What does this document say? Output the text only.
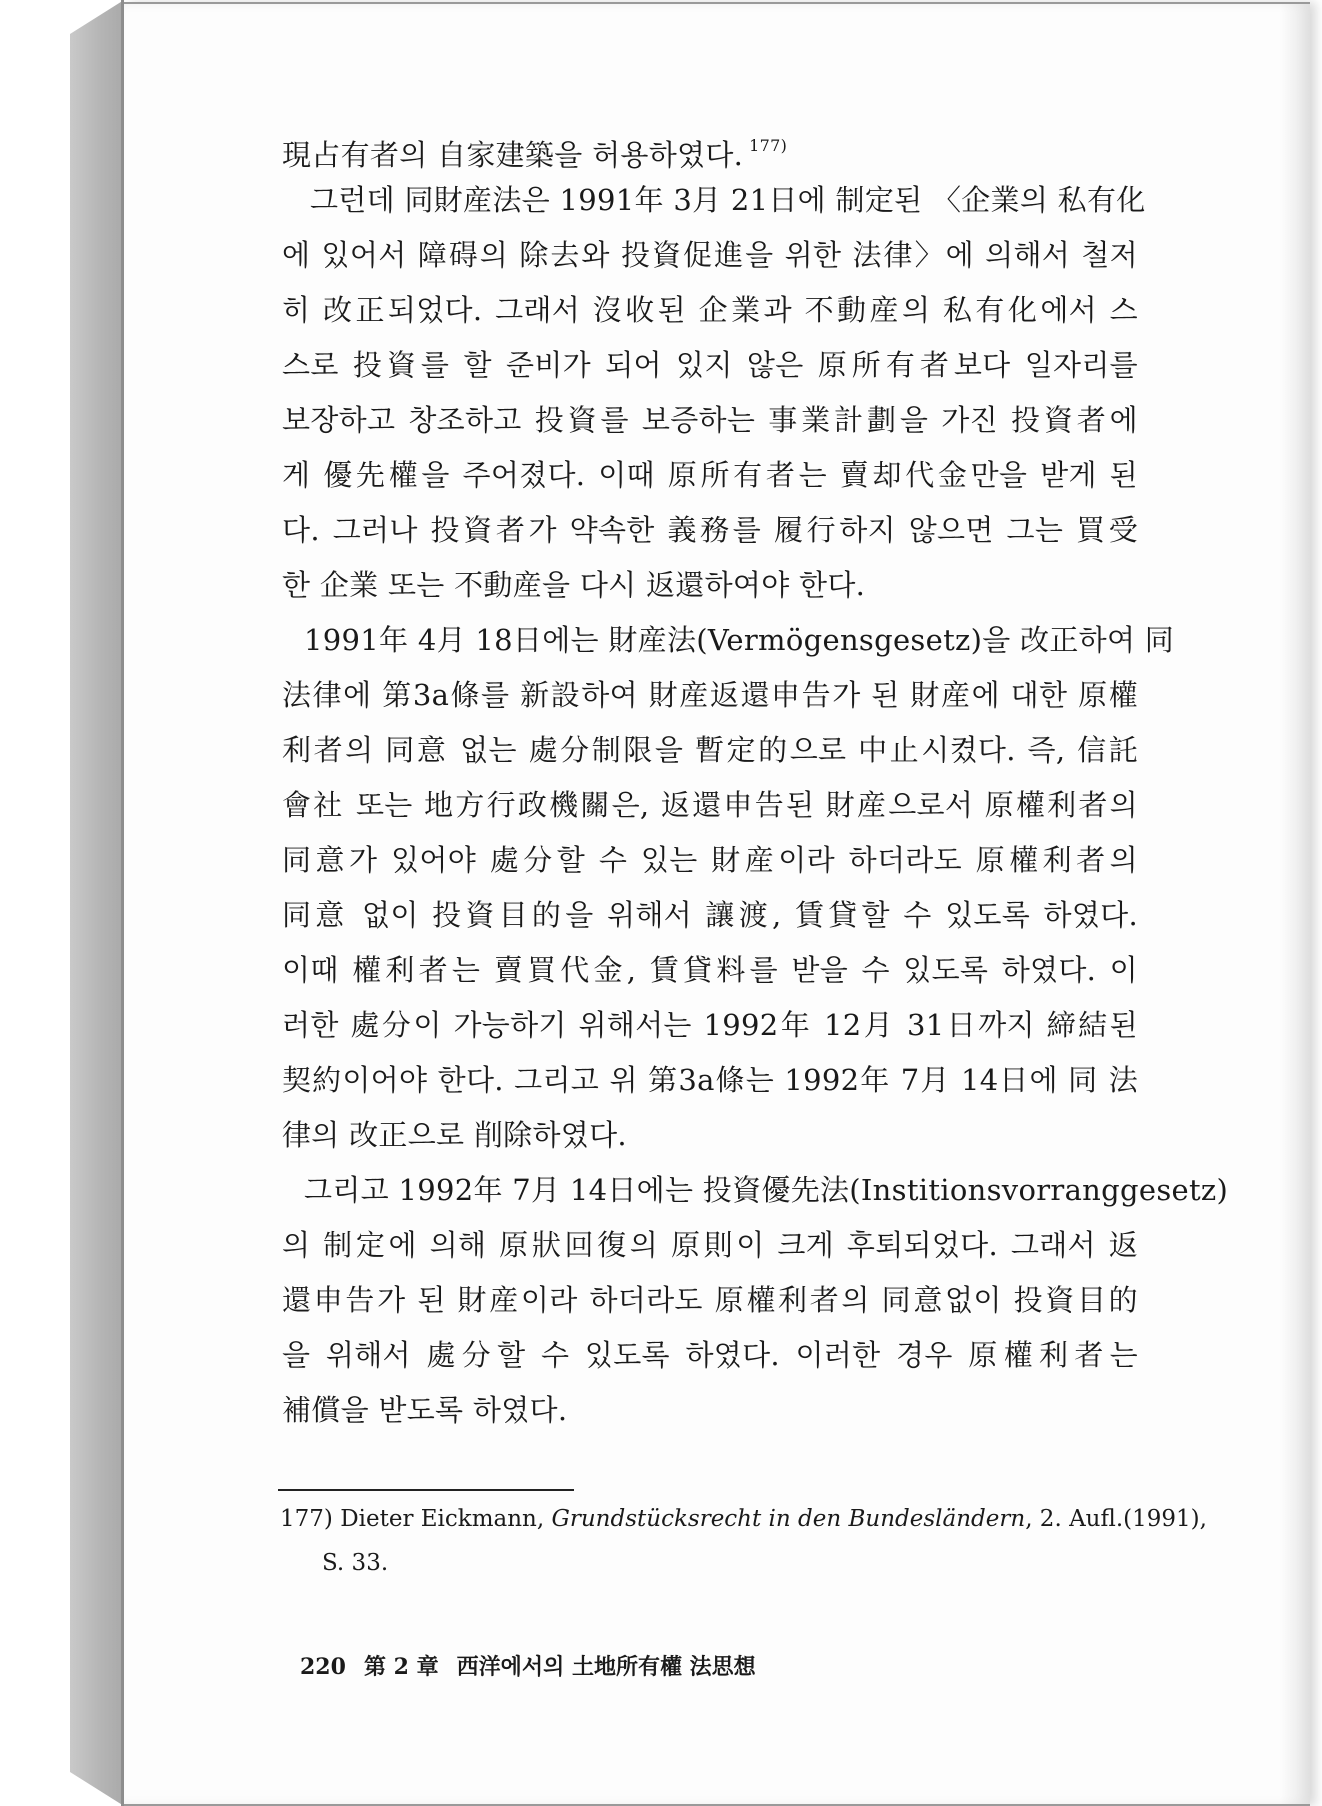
現占有者의 自家建築을 허용하였다. $^{177)}$
그런데 同財産法은 1991年 3月 21日에 制定된 〈企業의 私有化
에 있어서 障碍의 除去와 投資促進을 위한 法律〉에 의해서 철저
히 改正되었다. 그래서 沒收된 企業과 不動産의 私有化에서 스
스로 投資를 할 준비가 되어 있지 않은 原所有者보다 일자리를
보장하고 창조하고 投資를 보증하는 事業計劃을 가진 投資者에
게 優先權을 주어졌다. 이때 原所有者는 賣却代金만을 받게 된
다. 그러나 投資者가 약속한 義務를 履行하지 않으면 그는 買受
한 企業 또는 不動産을 다시 返還하여야 한다.
1991年 4月 18日에는 財産法(Vermögensgesetz)을 改正하여 同
法律에 第3a條를 新設하여 財産返還申告가 된 財産에 대한 原權
利者의 同意 없는 處分制限을 暫定的으로 中止시켰다. 즉, 信託
會社 또는 地方行政機關은, 返還申告된 財産으로서 原權利者의
同意가 있어야 處分할 수 있는 財産이라 하더라도 原權利者의
同意 없이 投資目的을 위해서 讓渡, 賃貸할 수 있도록 하였다.
이때 權利者는 賣買代金, 賃貸料를 받을 수 있도록 하였다. 이
러한 處分이 가능하기 위해서는 1992年 12月 31日까지 締結된
契約이어야 한다. 그리고 위 第3a條는 1992年 7月 14日에 同 法
律의 改正으로 削除하였다.
그리고 1992年 7月 14日에는 投資優先法(Institionsvorranggesetz)
의 制定에 의해 原狀回復의 原則이 크게 후퇴되었다. 그래서 返
還申告가 된 財産이라 하더라도 原權利者의 同意없이 投資目的
을 위해서 處分할 수 있도록 하였다. 이러한 경우 原權利者는
補償을 받도록 하였다.
177) Dieter Eickmann, Grundstücksrecht in den Bundesländern, 2. Aufl.(1991),
S. 33.
220 第 2 章 西洋에서의 土地所有權 法思想
